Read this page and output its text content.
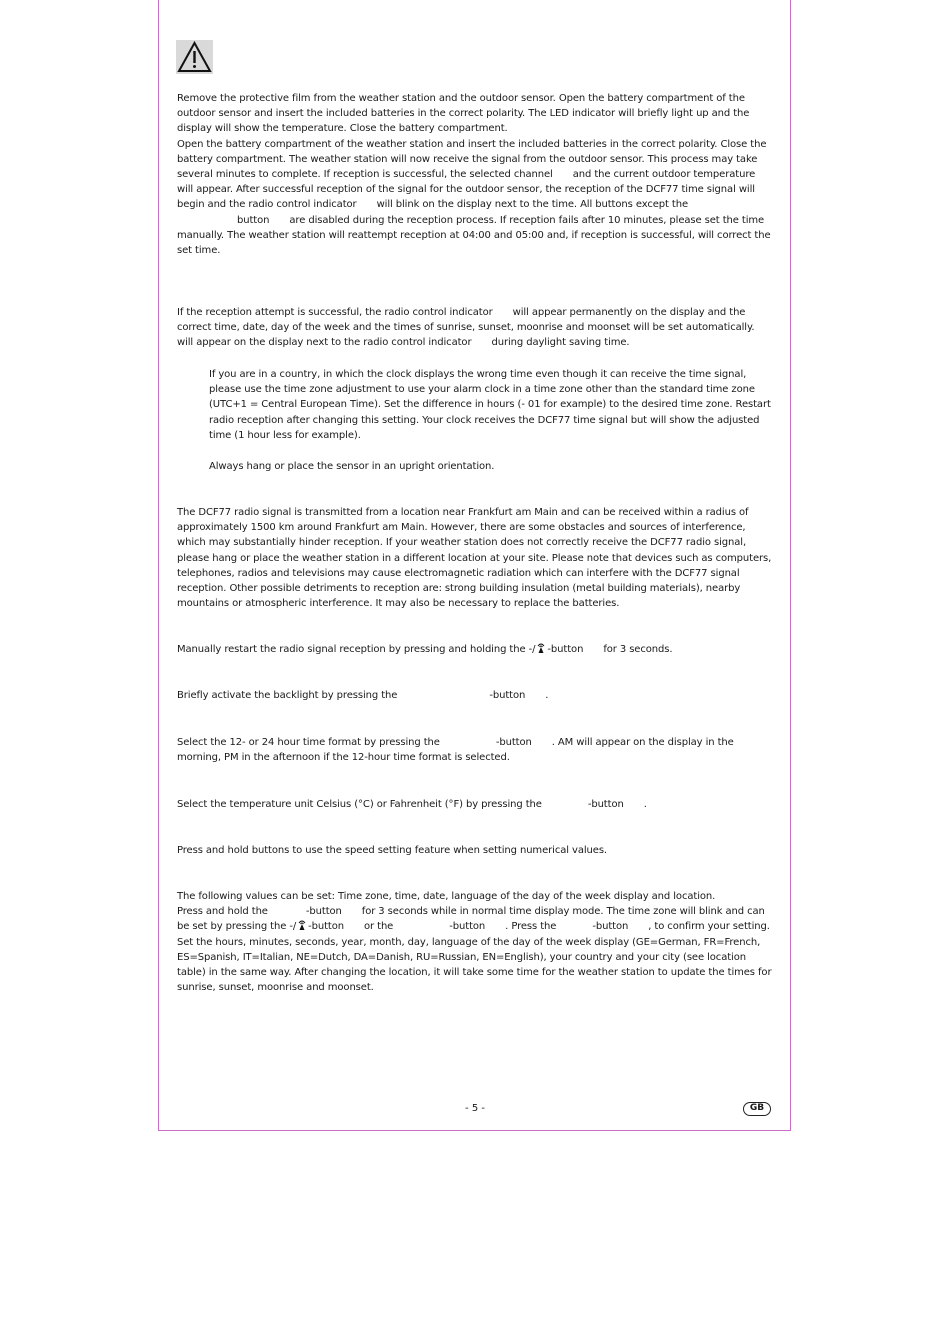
Remove the protective film from the weather station and the outdoor sensor. Open the battery compartment of the outdoor sensor and insert the included batteries in the correct polarity. The LED indicator will briefly light up and the display will show the temperature. Close the battery compartment.

Open the battery compartment of the weather station and insert the included batteries in the correct polarity. Close the battery compartment. The weather station will now receive the signal from the outdoor sensor. This process may take several minutes to complete. If reception is successful, the selected channel and the current outdoor temperature will appear. After successful reception of the signal for the outdoor sensor, the reception of the DCF77 time signal will begin and the radio control indicator will blink on the display next to the time. All buttons except the
button are disabled during the reception process. If reception fails after 10 minutes, please set the time manually. The weather station will reattempt reception at 04:00 and 05:00 and, if reception is successful, will correct the set time.

If the reception attempt is successful, the radio control indicator will appear permanently on the display and the correct time, date, day of the week and the times of sunrise, sunset, moonrise and moonset will be set automatically.
will appear on the display next to the radio control indicator during daylight saving time.

If you are in a country, in which the clock displays the wrong time even though it can receive the time signal, please use the time zone adjustment to use your alarm clock in a time zone other than the standard time zone (UTC+1 = Central European Time). Set the difference in hours (- 01 for example) to the desired time zone. Restart radio reception after changing this setting. Your clock receives the DCF77 time signal but will show the adjusted time (1 hour less for example).

Always hang or place the sensor in an upright orientation.

The DCF77 radio signal is transmitted from a location near Frankfurt am Main and can be received within a radius of approximately 1500 km around Frankfurt am Main. However, there are some obstacles and sources of interference, which may substantially hinder reception. If your weather station does not correctly receive the DCF77 radio signal, please hang or place the weather station in a different location at your site. Please note that devices such as computers, telephones, radios and televisions may cause electromagnetic radiation which can interfere with the DCF77 signal reception. Other possible detriments to reception are: strong building insulation (metal building materials), nearby mountains or atmospheric interference. It may also be necessary to replace the batteries.

Manually restart the radio signal reception by pressing and holding the -/ -button for 3 seconds.

Briefly activate the backlight by pressing the	-button .

Select the 12- or 24 hour time format by pressing the	-button . AM will appear on the display in the morning, PM in the afternoon if the 12-hour time format is selected.

Select the temperature unit Celsius (°C) or Fahrenheit (°F) by pressing the	-button .

Press and hold buttons to use the speed setting feature when setting numerical values.

The following values can be set: Time zone, time, date, language of the day of the week display and location.

Press and hold the	-button for 3 seconds while in normal time display mode. The time zone will blink and can be set by pressing the -/ -button or the	-button . Press the	-button , to confirm your setting. Set the hours, minutes, seconds, year, month, day, language of the day of the week display (GE=German, FR=French, ES=Spanish, IT=Italian, NE=Dutch, DA=Danish, RU=Russian, EN=English), your country and your city (see location table) in the same way. After changing the location, it will take some time for the weather station to update the times for sunrise, sunset, moonrise and moonset.

- 5 -	GB
